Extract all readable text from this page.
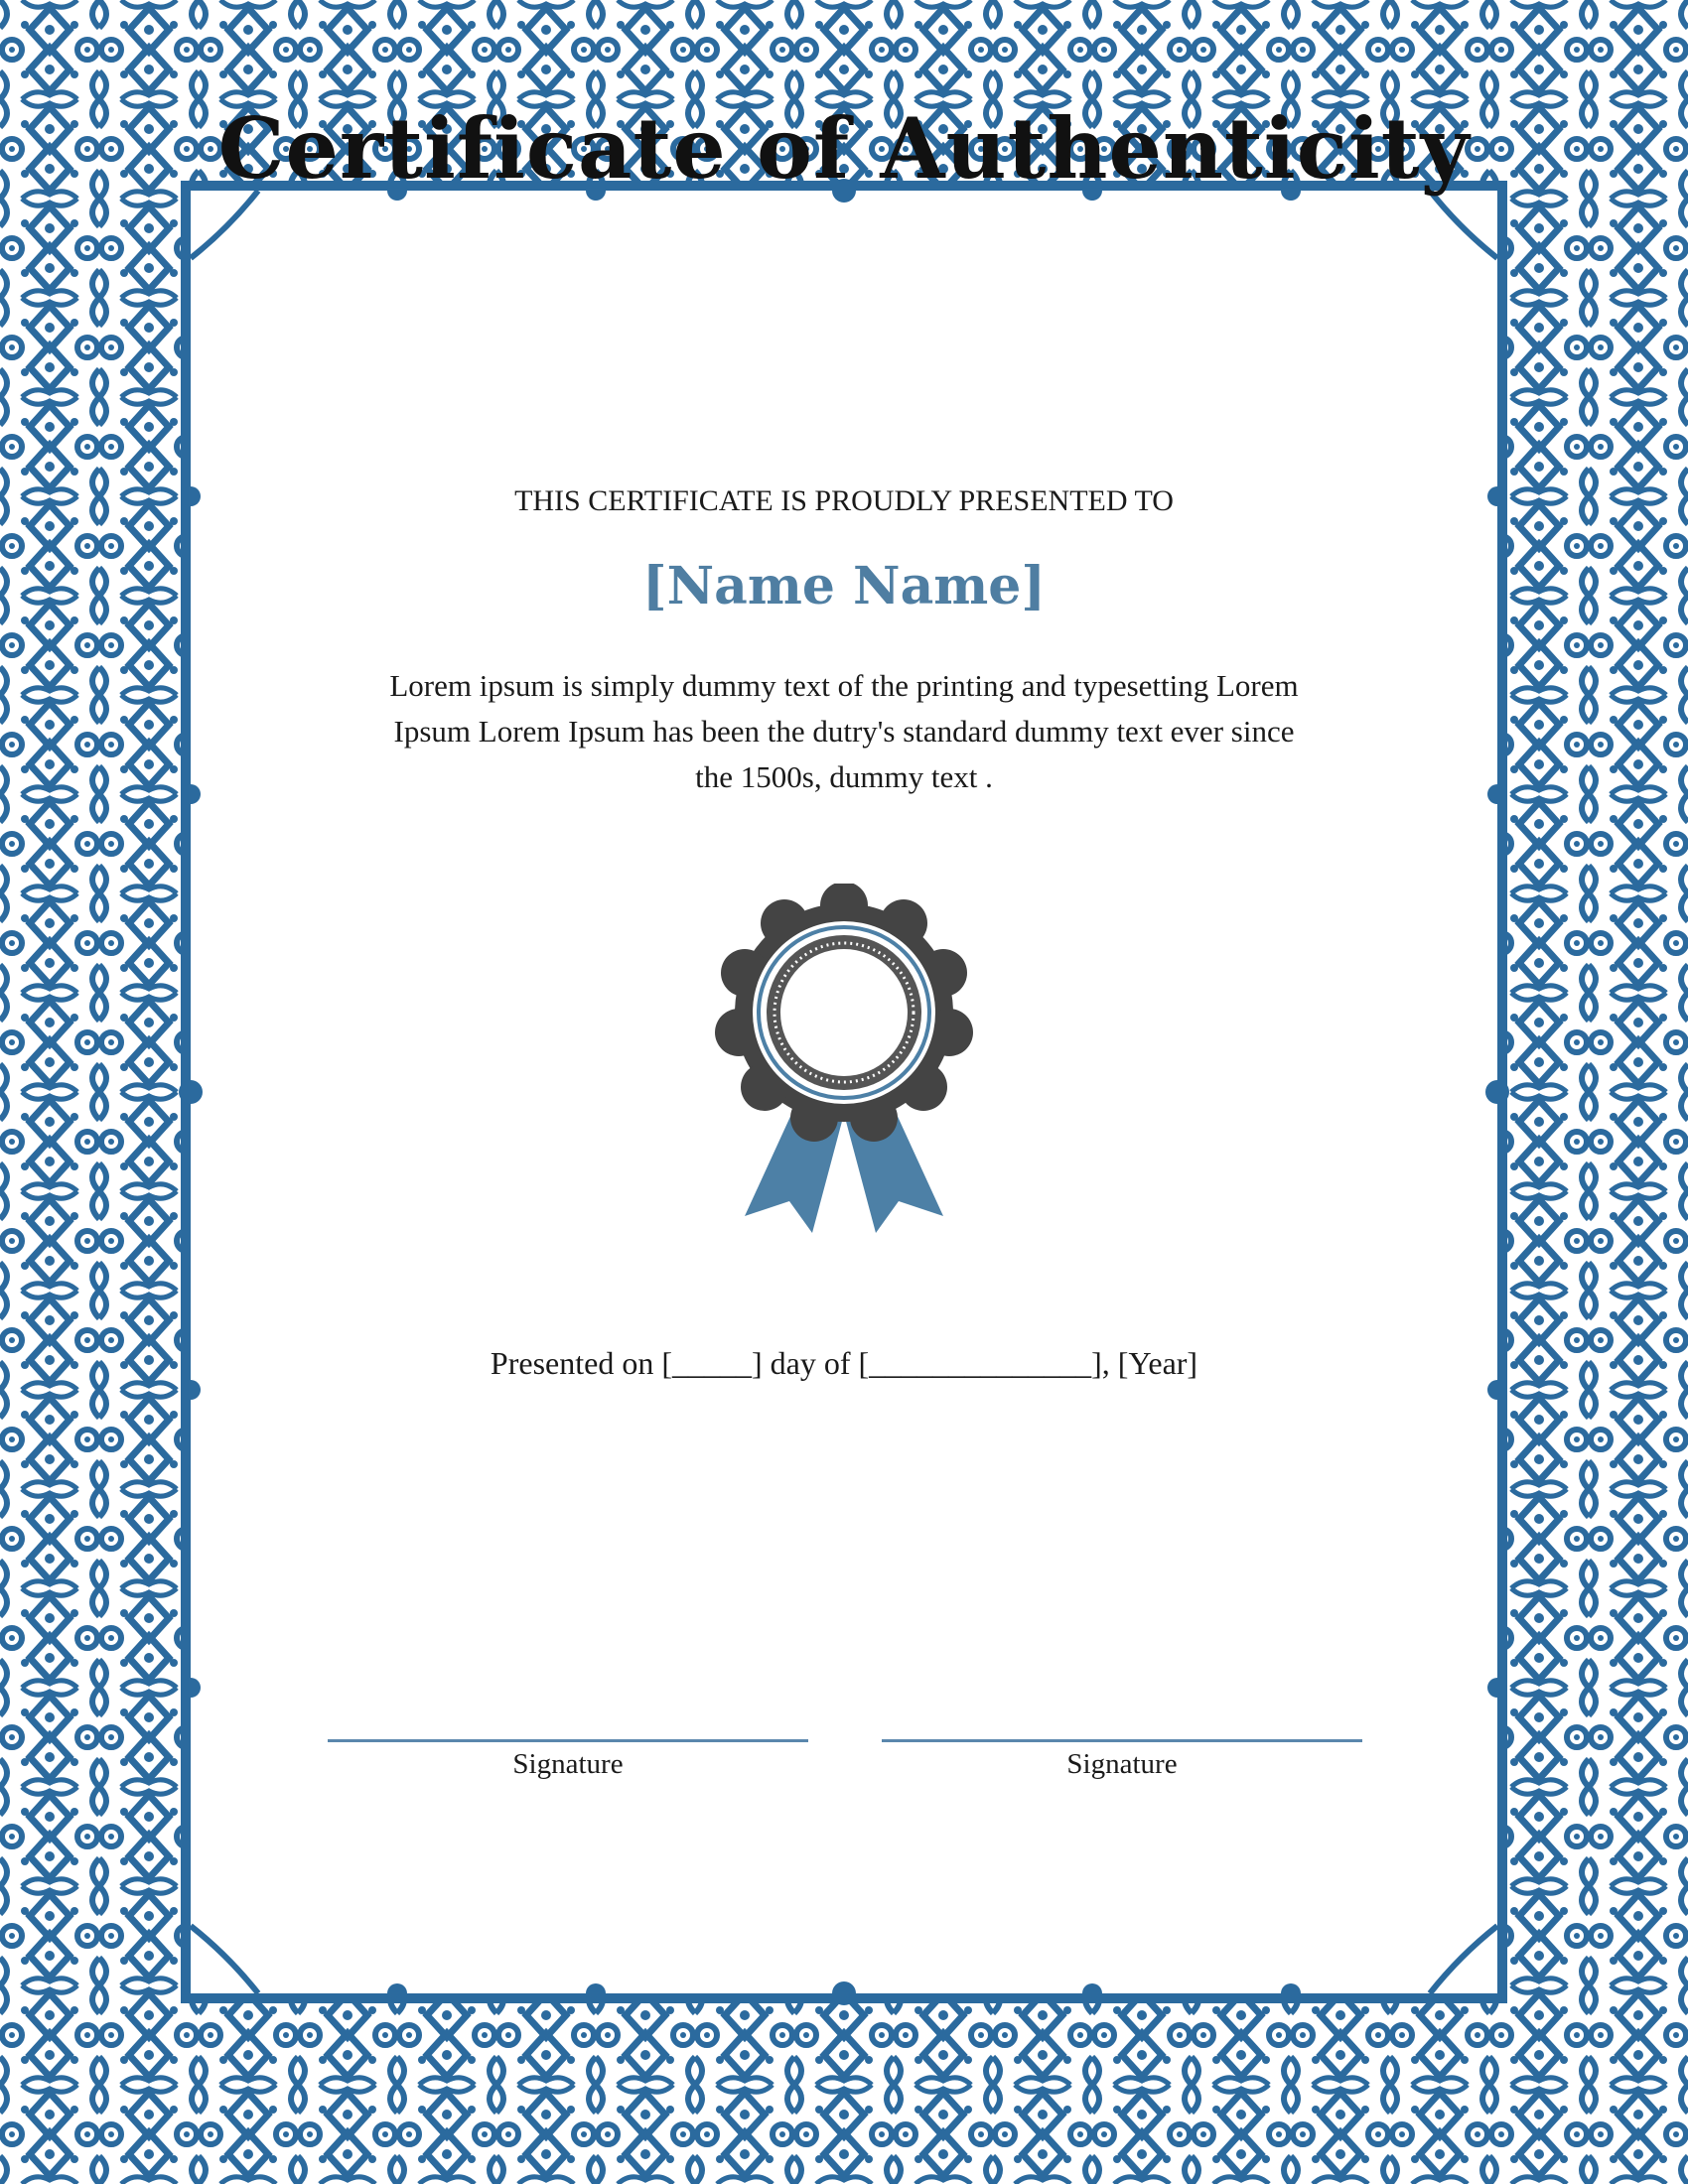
Certificate of Authenticity
THIS CERTIFICATE IS PROUDLY PRESENTED TO
[Name Name]
Lorem ipsum is simply dummy text of the printing and typesetting Lorem Ipsum Lorem Ipsum has been the dutry's standard dummy text ever since the 1500s, dummy text .
Presented on [_____] day of [______________], [Year]
Signature	Signature
